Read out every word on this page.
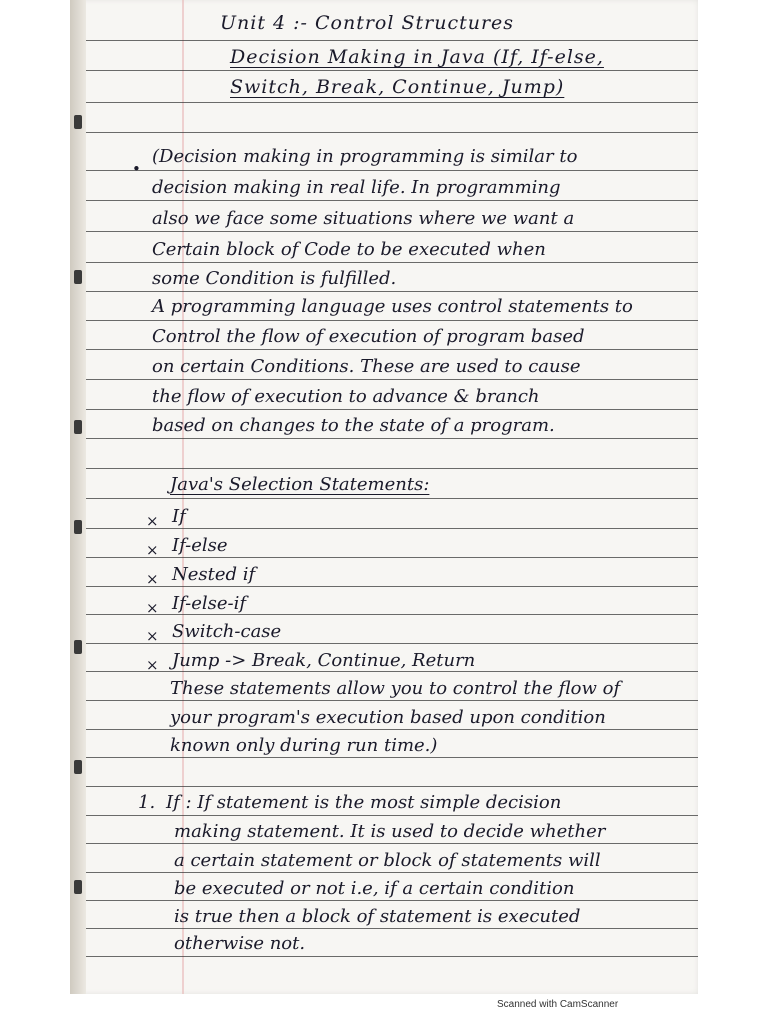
Unit 4 :- Control Structures
Decision Making in Java (If, If-else,
Switch, Break, Continue, Jump)
•
(Decision making in programming is similar to
decision making in real life. In programming
also we face some situations where we want a
Certain block of Code to be executed when
some Condition is fulfilled.
A programming language uses control statements to
Control the flow of execution of program based
on certain Conditions. These are used to cause
the flow of execution to advance & branch
based on changes to the state of a program.
Java's Selection Statements:
× If
× If-else
× Nested if
× If-else-if
× Switch-case
× Jump -> Break, Continue, Return
These statements allow you to control the flow of
your program's execution based upon condition
known only during run time.)
1. If : If statement is the most simple decision
making statement. It is used to decide whether
a certain statement or block of statements will
be executed or not i.e, if a certain condition
is true then a block of statement is executed
otherwise not.
Scanned with CamScanner
